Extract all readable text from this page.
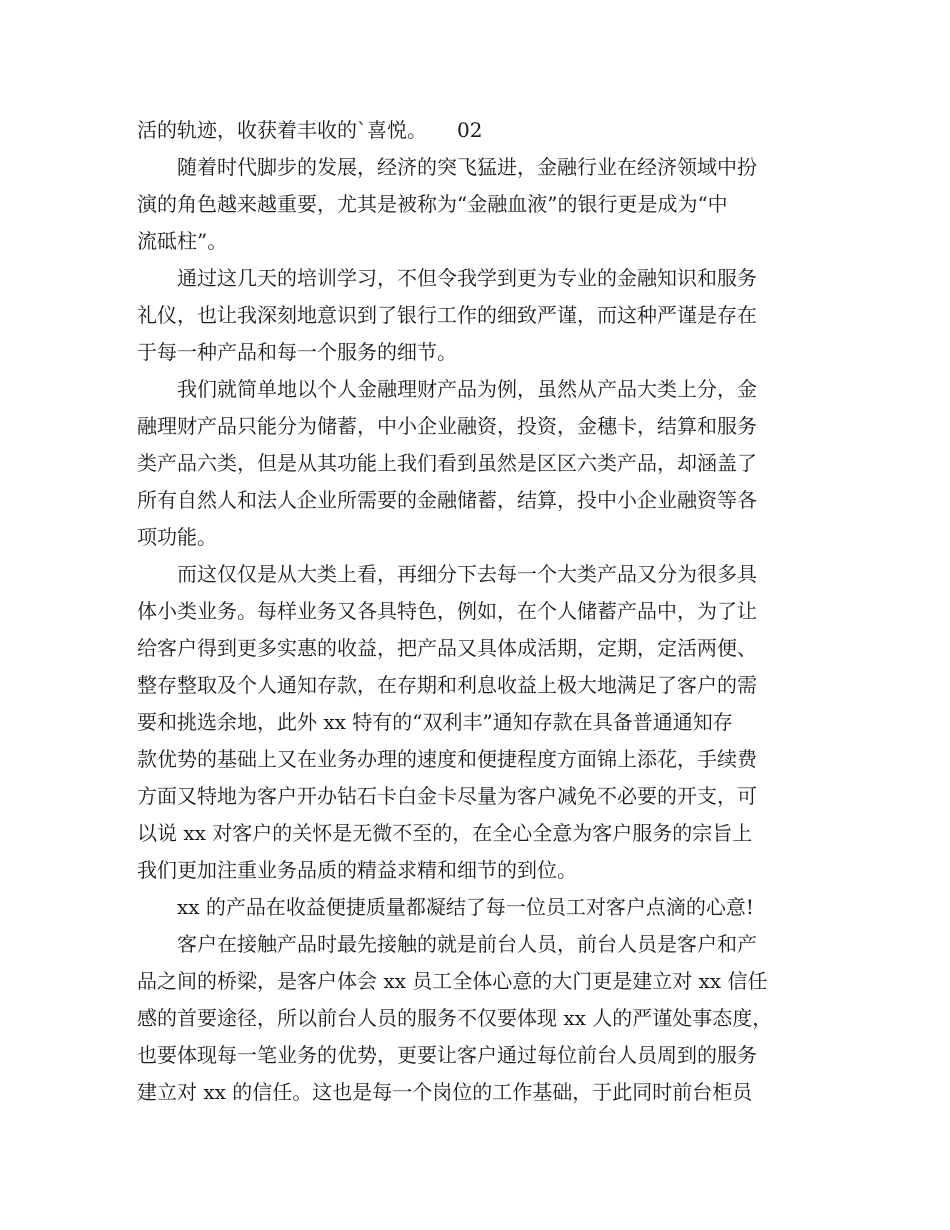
活的轨迹，收获着丰收的`喜悦。　　02
　　随着时代脚步的发展，经济的突飞猛进，金融行业在经济领域中扮
演的角色越来越重要，尤其是被称为“金融血液”的银行更是成为“中
流砥柱”。
　　通过这几天的培训学习，不但令我学到更为专业的金融知识和服务
礼仪，也让我深刻地意识到了银行工作的细致严谨，而这种严谨是存在
于每一种产品和每一个服务的细节。
　　我们就简单地以个人金融理财产品为例，虽然从产品大类上分，金
融理财产品只能分为储蓄，中小企业融资，投资，金穗卡，结算和服务
类产品六类，但是从其功能上我们看到虽然是区区六类产品，却涵盖了
所有自然人和法人企业所需要的金融储蓄，结算，投中小企业融资等各
项功能。
　　而这仅仅是从大类上看，再细分下去每一个大类产品又分为很多具
体小类业务。每样业务又各具特色，例如，在个人储蓄产品中，为了让
给客户得到更多实惠的收益，把产品又具体成活期，定期，定活两便、
整存整取及个人通知存款，在存期和利息收益上极大地满足了客户的需
要和挑选余地，此外 xx 特有的“双利丰”通知存款在具备普通通知存
款优势的基础上又在业务办理的速度和便捷程度方面锦上添花，手续费
方面又特地为客户开办钻石卡白金卡尽量为客户减免不必要的开支，可
以说 xx 对客户的关怀是无微不至的，在全心全意为客户服务的宗旨上
我们更加注重业务品质的精益求精和细节的到位。
　　xx 的产品在收益便捷质量都凝结了每一位员工对客户点滴的心意!
　　客户在接触产品时最先接触的就是前台人员，前台人员是客户和产
品之间的桥梁，是客户体会 xx 员工全体心意的大门更是建立对 xx 信任
感的首要途径，所以前台人员的服务不仅要体现 xx 人的严谨处事态度，
也要体现每一笔业务的优势，更要让客户通过每位前台人员周到的服务
建立对 xx 的信任。这也是每一个岗位的工作基础，于此同时前台柜员
